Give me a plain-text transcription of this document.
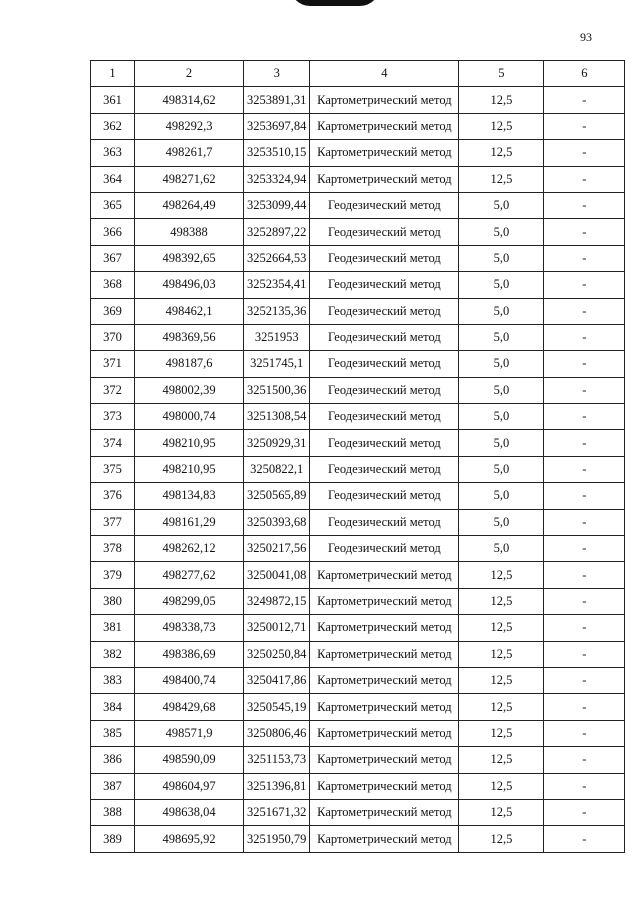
93
1	2	3	4	5	6
361	498314,62	3253891,31	Картометрический метод	12,5	-
362	498292,3	3253697,84	Картометрический метод	12,5	-
363	498261,7	3253510,15	Картометрический метод	12,5	-
364	498271,62	3253324,94	Картометрический метод	12,5	-
365	498264,49	3253099,44	Геодезический метод	5,0	-
366	498388	3252897,22	Геодезический метод	5,0	-
367	498392,65	3252664,53	Геодезический метод	5,0	-
368	498496,03	3252354,41	Геодезический метод	5,0	-
369	498462,1	3252135,36	Геодезический метод	5,0	-
370	498369,56	3251953	Геодезический метод	5,0	-
371	498187,6	3251745,1	Геодезический метод	5,0	-
372	498002,39	3251500,36	Геодезический метод	5,0	-
373	498000,74	3251308,54	Геодезический метод	5,0	-
374	498210,95	3250929,31	Геодезический метод	5,0	-
375	498210,95	3250822,1	Геодезический метод	5,0	-
376	498134,83	3250565,89	Геодезический метод	5,0	-
377	498161,29	3250393,68	Геодезический метод	5,0	-
378	498262,12	3250217,56	Геодезический метод	5,0	-
379	498277,62	3250041,08	Картометрический метод	12,5	-
380	498299,05	3249872,15	Картометрический метод	12,5	-
381	498338,73	3250012,71	Картометрический метод	12,5	-
382	498386,69	3250250,84	Картометрический метод	12,5	-
383	498400,74	3250417,86	Картометрический метод	12,5	-
384	498429,68	3250545,19	Картометрический метод	12,5	-
385	498571,9	3250806,46	Картометрический метод	12,5	-
386	498590,09	3251153,73	Картометрический метод	12,5	-
387	498604,97	3251396,81	Картометрический метод	12,5	-
388	498638,04	3251671,32	Картометрический метод	12,5	-
389	498695,92	3251950,79	Картометрический метод	12,5	-
